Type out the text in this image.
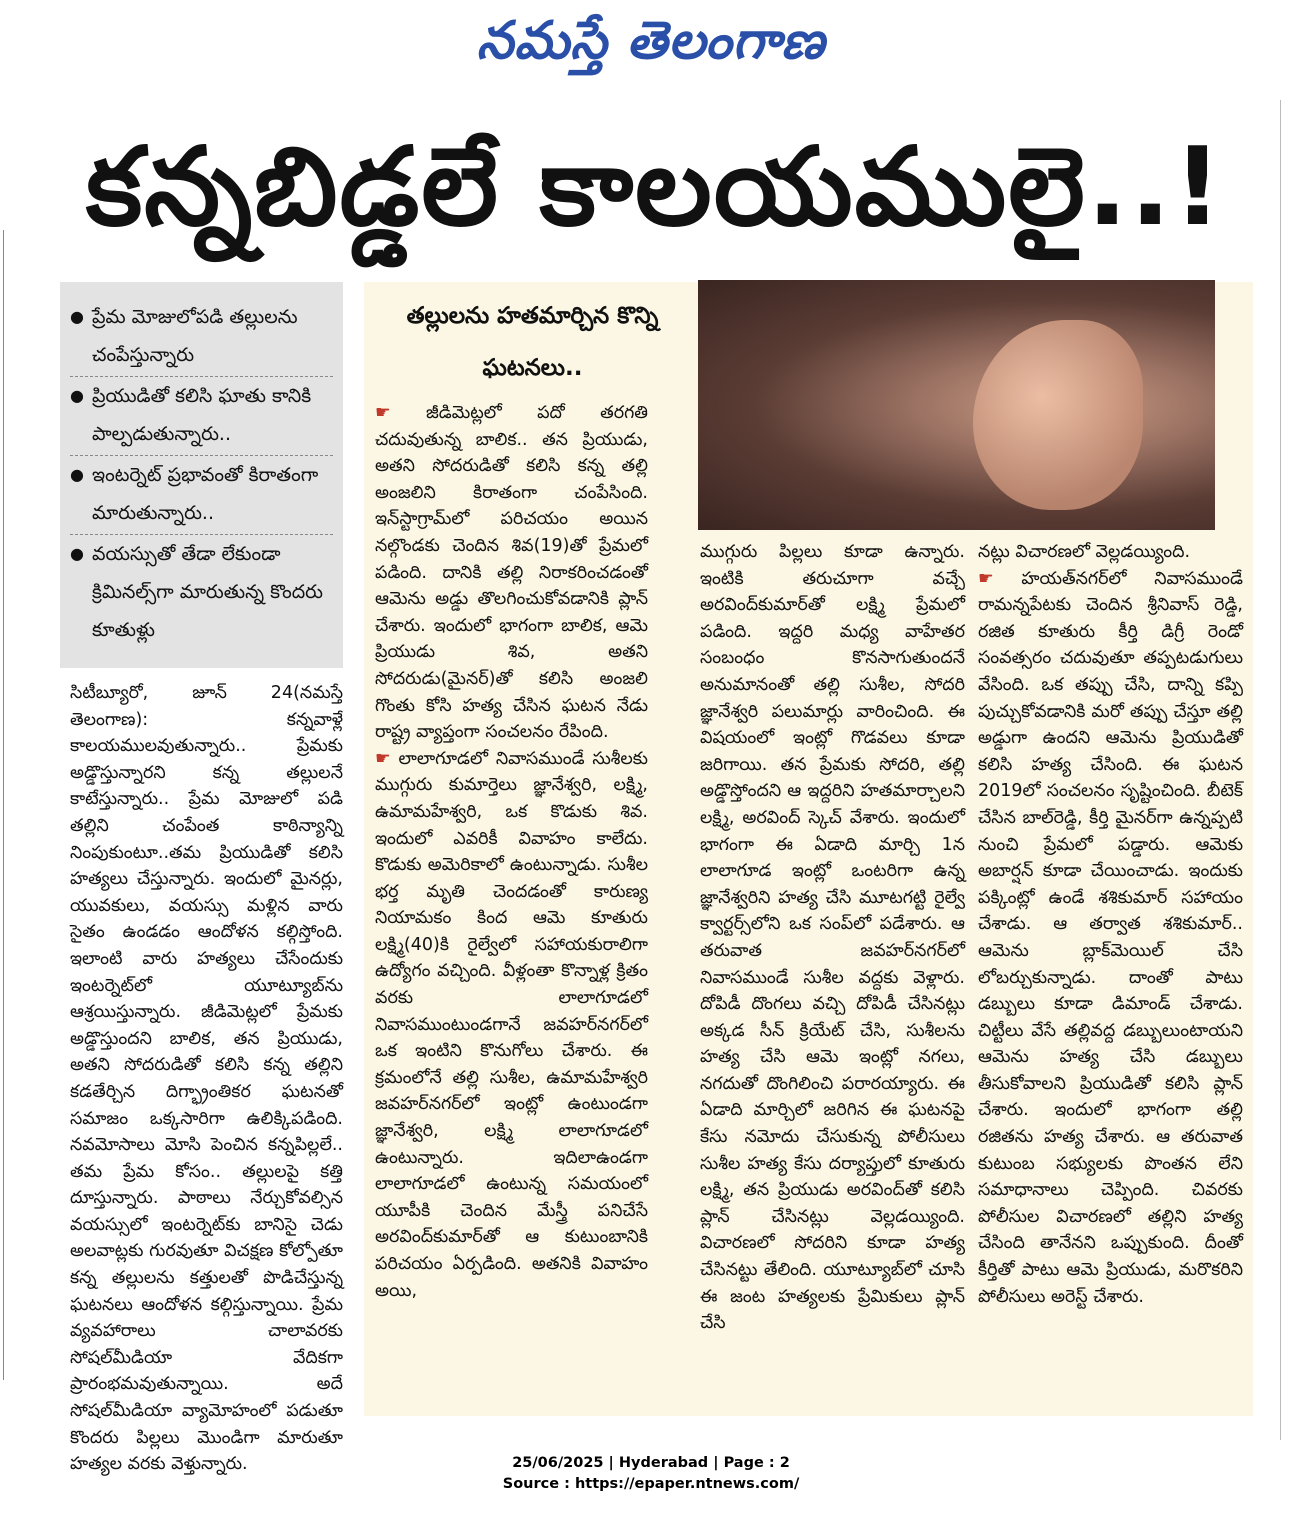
నమస్తే తెలంగాణ
కన్నబిడ్డలే కాలయములై..!
● ప్రేమ మోజులోపడి తల్లులను చంపేస్తున్నారు
● ప్రియుడితో కలిసి ఘాతు కానికి పాల్పడుతున్నారు..
● ఇంటర్నెట్ ప్రభావంతో కిరాతంగా మారుతున్నారు..
● వయస్సుతో తేడా లేకుండా క్రిమినల్స్‌గా మారుతున్న కొందరు కూతుళ్లు
తల్లులను హతమార్చిన కొన్ని ఘటనలు..

సిటీబ్యూరో, జూన్ 24(నమస్తే తెలంగాణ): కన్నవాళ్లే కాలయములవుతున్నారు.. ప్రేమకు అడ్డొస్తున్నారని కన్న తల్లులనే కాటేస్తున్నారు.. ప్రేమ మోజులో పడి తల్లిని చంపేంత కాఠిన్యాన్ని నింపుకుంటూ..తమ ప్రియుడితో కలిసి హత్యలు చేస్తున్నారు. ఇందులో మైనర్లు, యువకులు, వయస్సు మళ్లిన వారు సైతం ఉండడం ఆందోళన కల్గిస్తోంది. ఇలాంటి వారు హత్యలు చేసేందుకు ఇంటర్నెట్‌లో యూట్యూబ్‌ను ఆశ్రయిస్తున్నారు. జీడిమెట్లలో ప్రేమకు అడ్డొస్తుందని బాలిక, తన ప్రియుడు, అతని సోదరుడితో కలిసి కన్న తల్లిని కడతేర్చిన దిగ్భ్రాంతికర ఘటనతో సమాజం ఒక్కసారిగా ఉలిక్కిపడింది. నవమోసాలు మోసి పెంచిన కన్నపిల్లలే.. తమ ప్రేమ కోసం.. తల్లులపై కత్తి దూస్తున్నారు. పాఠాలు నేర్చుకోవల్సిన వయస్సులో ఇంటర్నెట్‌కు బానిసై చెడు అలవాట్లకు గురవుతూ విచక్షణ కోల్పోతూ కన్న తల్లులను కత్తులతో పొడిచేస్తున్న ఘటనలు ఆందోళన కల్గిస్తున్నాయి. ప్రేమ వ్యవహారాలు చాలావరకు సోషల్‌మీడియా వేదికగా ప్రారంభమవుతున్నాయి. అదే సోషల్‌మీడియా వ్యామోహంలో పడుతూ కొందరు పిల్లలు మొండిగా మారుతూ హత్యల వరకు వెళ్తున్నారు.

☛ జీడిమెట్లలో పదో తరగతి చదువుతున్న బాలిక.. తన ప్రియుడు, అతని సోదరుడితో కలిసి కన్న తల్లి అంజలిని కిరాతంగా చంపేసింది. ఇన్‌స్టాగ్రామ్‌లో పరిచయం అయిన నల్గొండకు చెందిన శివ(19)తో ప్రేమలో పడింది. దానికి తల్లి నిరాకరించడంతో ఆమెను అడ్డు తొలగించుకోవడానికి ప్లాన్ చేశారు. ఇందులో భాగంగా బాలిక, ఆమె ప్రియుడు శివ, అతని సోదరుడు(మైనర్)తో కలిసి అంజలి గొంతు కోసి హత్య చేసిన ఘటన నేడు రాష్ట్ర వ్యాప్తంగా సంచలనం రేపింది.

☛ లాలాగూడలో నివాసముండే సుశీలకు ముగ్గురు కుమార్తెలు జ్ఞానేశ్వరి, లక్ష్మి, ఉమామహేశ్వరి, ఒక కొడుకు శివ. ఇందులో ఎవరికీ వివాహం కాలేదు. కొడుకు అమెరికాలో ఉంటున్నాడు. సుశీల భర్త మృతి చెందడంతో కారుణ్య నియామకం కింద ఆమె కూతురు లక్ష్మి(40)కి రైల్వేలో సహాయకురాలిగా ఉద్యోగం వచ్చింది. వీళ్లంతా కొన్నాళ్ల క్రితం వరకు లాలాగూడలో నివాసముంటుండగానే జవహర్‌నగర్‌లో ఒక ఇంటిని కొనుగోలు చేశారు. ఈ క్రమంలోనే తల్లి సుశీల, ఉమామహేశ్వరి జవహర్‌నగర్‌లో ఇంట్లో ఉంటుండగా జ్ఞానేశ్వరి, లక్ష్మి లాలాగూడలో ఉంటున్నారు. ఇదిలాఉండగా లాలాగూడలో ఉంటున్న సమయంలో యూపీకి చెందిన మేస్త్రీ పనిచేసే అరవింద్‌కుమార్‌తో ఆ కుటుంబానికి పరిచయం ఏర్పడింది. అతనికి వివాహం అయి,

ముగ్గురు పిల్లలు కూడా ఉన్నారు. ఇంటికి తరుచూగా వచ్చే అరవింద్‌కుమార్‌తో లక్ష్మి ప్రేమలో పడింది. ఇద్దరి మధ్య వాహేతర సంబంధం కొనసాగుతుందనే అనుమానంతో తల్లి సుశీల, సోదరి జ్ఞానేశ్వరి పలుమార్లు వారించింది. ఈ విషయంలో ఇంట్లో గొడవలు కూడా జరిగాయి. తన ప్రేమకు సోదరి, తల్లి అడ్డొస్తోందని ఆ ఇద్దరిని హతమార్చాలని లక్ష్మి, అరవింద్ స్కెచ్ వేశారు. ఇందులో భాగంగా ఈ ఏడాది మార్చి 1న లాలాగూడ ఇంట్లో ఒంటరిగా ఉన్న జ్ఞానేశ్వరిని హత్య చేసి మూటగట్టి రైల్వే క్వార్టర్స్‌లోని ఒక సంప్‌లో పడేశారు. ఆ తరువాత జవహర్‌నగర్‌లో నివాసముండే సుశీల వద్దకు వెళ్లారు. దోపిడీ దొంగలు వచ్చి దోపిడీ చేసినట్లు అక్కడ సీన్ క్రియేట్ చేసి, సుశీలను హత్య చేసి ఆమె ఇంట్లో నగలు, నగదుతో దొంగిలించి పరారయ్యారు. ఈ ఏడాది మార్చిలో జరిగిన ఈ ఘటనపై కేసు నమోదు చేసుకున్న పోలీసులు సుశీల హత్య కేసు దర్యాప్తులో కూతురు లక్ష్మి, తన ప్రియుడు అరవింద్‌తో కలిసి ప్లాన్ చేసినట్లు వెల్లడయ్యింది. విచారణలో సోదరిని కూడా హత్య చేసినట్టు తేలింది. యూట్యూబ్‌లో చూసి ఈ జంట హత్యలకు ప్రేమికులు ప్లాన్ చేసి

నట్లు విచారణలో వెల్లడయ్యింది.

☛ హయత్‌నగర్‌లో నివాసముండే రామన్నపేటకు చెందిన శ్రీనివాస్ రెడ్డి, రజిత కూతురు కీర్తి డిగ్రీ రెండో సంవత్సరం చదువుతూ తప్పటడుగులు వేసింది. ఒక తప్పు చేసి, దాన్ని కప్పి పుచ్చుకోవడానికి మరో తప్పు చేస్తూ తల్లి అడ్డుగా ఉందని ఆమెను ప్రియుడితో కలిసి హత్య చేసింది. ఈ ఘటన 2019లో సంచలనం సృష్టించింది. బీటెక్ చేసిన బాల్‌రెడ్డి, కీర్తి మైనర్‌గా ఉన్నప్పటి నుంచి ప్రేమలో పడ్డారు. ఆమెకు అబార్షన్ కూడా చేయించాడు. ఇందుకు పక్కింట్లో ఉండే శశికుమార్ సహాయం చేశాడు. ఆ తర్వాత శశికుమార్.. ఆమెను బ్లాక్‌మెయిల్ చేసి లోబర్చుకున్నాడు. దాంతో పాటు డబ్బులు కూడా డిమాండ్ చేశాడు. చిట్టీలు వేసే తల్లివద్ద డబ్బులుంటాయని ఆమెను హత్య చేసి డబ్బులు తీసుకోవాలని ప్రియుడితో కలిసి ప్లాన్ చేశారు. ఇందులో భాగంగా తల్లి రజితను హత్య చేశారు. ఆ తరువాత కుటుంబ సభ్యులకు పొంతన లేని సమాధానాలు చెప్పింది. చివరకు పోలీసుల విచారణలో తల్లిని హత్య చేసింది తానేనని ఒప్పుకుంది. దీంతో కీర్తితో పాటు ఆమె ప్రియుడు, మరొకరిని పోలీసులు అరెస్ట్ చేశారు.

25/06/2025 | Hyderabad | Page : 2
Source : https://epaper.ntnews.com/
